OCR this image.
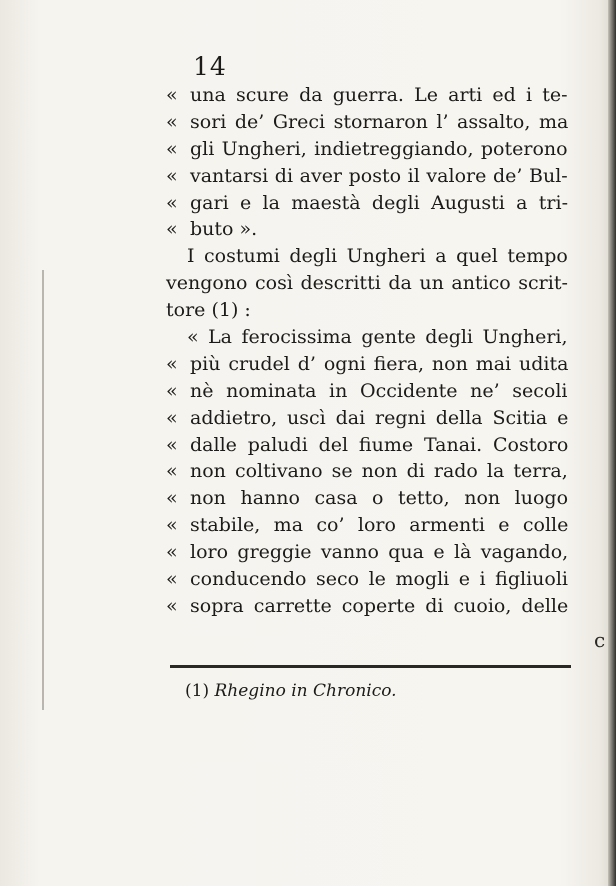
14
« una scure da guerra. Le arti ed i te-
« sori de’ Greci stornaron l’ assalto, ma
« gli Ungheri, indietreggiando, poterono
« vantarsi di aver posto il valore de’ Bul-
« gari e la maestà degli Augusti a tri-
« buto ».
I costumi degli Ungheri a quel tempo
vengono così descritti da un antico scrit-
tore (1) :
« La ferocissima gente degli Ungheri,
« più crudel d’ ogni fiera, non mai udita
« nè nominata in Occidente ne’ secoli
« addietro, uscì dai regni della Scitia e
« dalle paludi del fiume Tanai. Costoro
« non coltivano se non di rado la terra,
« non hanno casa o tetto, non luogo
« stabile, ma co’ loro armenti e colle
« loro greggie vanno qua e là vagando,
« conducendo seco le mogli e i figliuoli
« sopra carrette coperte di cuoio, delle
(1) Rhegino in Chronico.
c
